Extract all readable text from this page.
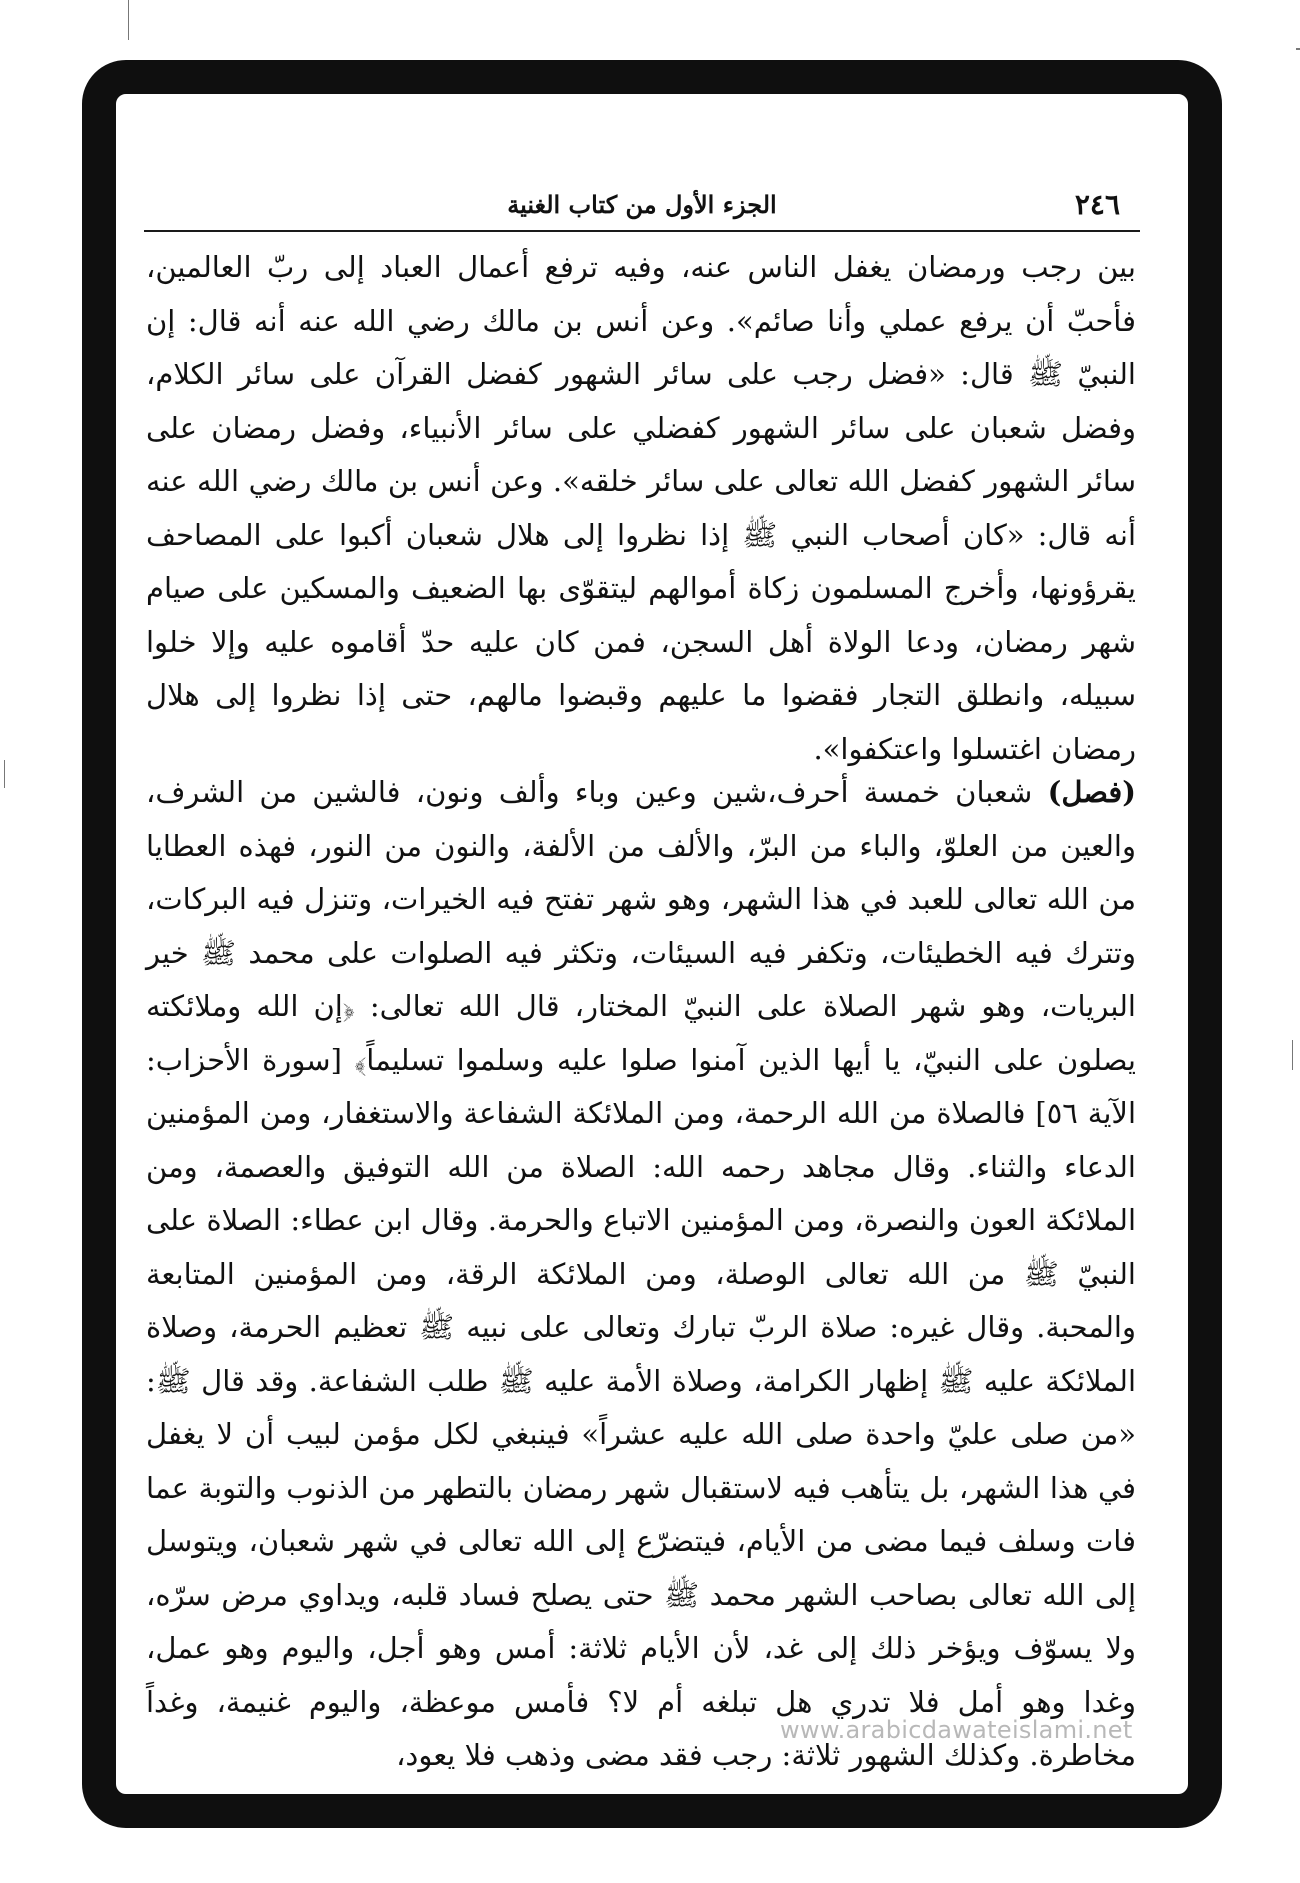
٢٤٦
الجزء الأول من كتاب الغنية
بين رجب ورمضان يغفل الناس عنه، وفيه ترفع أعمال العباد إلى ربّ العالمين، فأحبّ أن يرفع عملي وأنا صائم». وعن أنس بن مالك رضي الله عنه أنه قال: إن النبيّ ﷺ قال: «فضل رجب على سائر الشهور كفضل القرآن على سائر الكلام، وفضل شعبان على سائر الشهور كفضلي على سائر الأنبياء، وفضل رمضان على سائر الشهور كفضل الله تعالى على سائر خلقه». وعن أنس بن مالك رضي الله عنه أنه قال: «كان أصحاب النبي ﷺ إذا نظروا إلى هلال شعبان أكبوا على المصاحف يقرؤونها، وأخرج المسلمون زكاة أموالهم ليتقوّى بها الضعيف والمسكين على صيام شهر رمضان، ودعا الولاة أهل السجن، فمن كان عليه حدّ أقاموه عليه وإلا خلوا سبيله، وانطلق التجار فقضوا ما عليهم وقبضوا مالهم، حتى إذا نظروا إلى هلال رمضان اغتسلوا واعتكفوا».
(فصل) شعبان خمسة أحرف،شين وعين وباء وألف ونون، فالشين من الشرف، والعين من العلوّ، والباء من البرّ، والألف من الألفة، والنون من النور، فهذه العطايا من الله تعالى للعبد في هذا الشهر، وهو شهر تفتح فيه الخيرات، وتنزل فيه البركات، وتترك فيه الخطيئات، وتكفر فيه السيئات، وتكثر فيه الصلوات على محمد ﷺ خير البريات، وهو شهر الصلاة على النبيّ المختار، قال الله تعالى: ﴿إن الله وملائكته يصلون على النبيّ، يا أيها الذين آمنوا صلوا عليه وسلموا تسليماً﴾ [سورة الأحزاب: الآية ٥٦] فالصلاة من الله الرحمة، ومن الملائكة الشفاعة والاستغفار، ومن المؤمنين الدعاء والثناء. وقال مجاهد رحمه الله: الصلاة من الله التوفيق والعصمة، ومن الملائكة العون والنصرة، ومن المؤمنين الاتباع والحرمة. وقال ابن عطاء: الصلاة على النبيّ ﷺ من الله تعالى الوصلة، ومن الملائكة الرقة، ومن المؤمنين المتابعة والمحبة. وقال غيره: صلاة الربّ تبارك وتعالى على نبيه ﷺ تعظيم الحرمة، وصلاة الملائكة عليه ﷺ إظهار الكرامة، وصلاة الأمة عليه ﷺ طلب الشفاعة. وقد قال ﷺ: «من صلى عليّ واحدة صلى الله عليه عشراً» فينبغي لكل مؤمن لبيب أن لا يغفل في هذا الشهر، بل يتأهب فيه لاستقبال شهر رمضان بالتطهر من الذنوب والتوبة عما فات وسلف فيما مضى من الأيام، فيتضرّع إلى الله تعالى في شهر شعبان، ويتوسل إلى الله تعالى بصاحب الشهر محمد ﷺ حتى يصلح فساد قلبه، ويداوي مرض سرّه، ولا يسوّف ويؤخر ذلك إلى غد، لأن الأيام ثلاثة: أمس وهو أجل، واليوم وهو عمل، وغدا وهو أمل فلا تدري هل تبلغه أم لا؟ فأمس موعظة، واليوم غنيمة، وغداً مخاطرة. وكذلك الشهور ثلاثة: رجب فقد مضى وذهب فلا يعود،
www.arabicdawateislami.net
